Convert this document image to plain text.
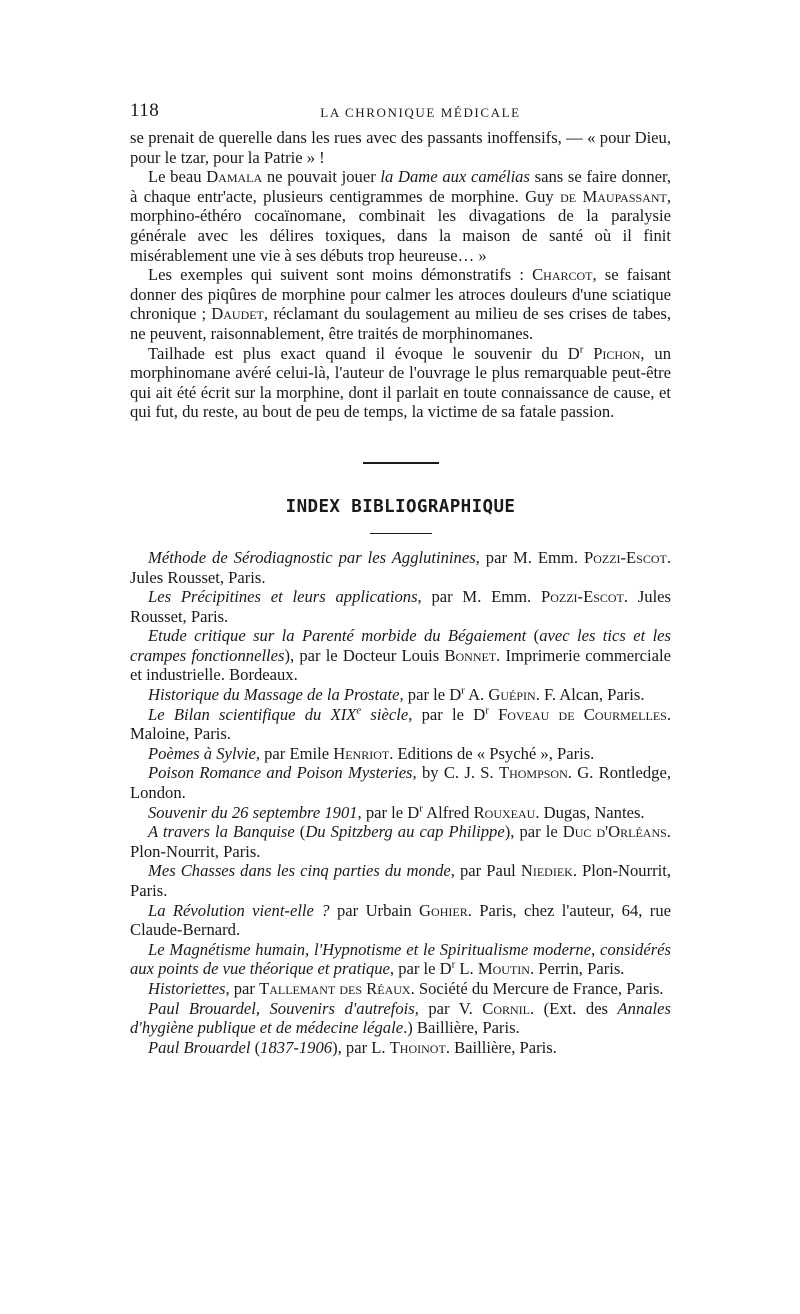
118	LA CHRONIQUE MÉDICALE

se prenait de querelle dans les rues avec des passants inoffensifs, — « pour Dieu, pour le tzar, pour la Patrie » !

Le beau Damala ne pouvait jouer la Dame aux camélias sans se faire donner, à chaque entr'acte, plusieurs centigrammes de morphine. Guy de Maupassant, morphino-éthéro cocaïnomane, combinait les divagations de la paralysie générale avec les délires toxiques, dans la maison de santé où il finit misérablement une vie à ses débuts trop heureuse… »

Les exemples qui suivent sont moins démonstratifs : Charcot, se faisant donner des piqûres de morphine pour calmer les atroces douleurs d'une sciatique chronique ; Daudet, réclamant du soulagement au milieu de ses crises de tabes, ne peuvent, raisonnablement, être traités de morphinomanes.

Tailhade est plus exact quand il évoque le souvenir du $D^r$ Pichon, un morphinomane avéré celui-là, l'auteur de l'ouvrage le plus remarquable peut-être qui ait été écrit sur la morphine, dont il parlait en toute connaissance de cause, et qui fut, du reste, au bout de peu de temps, la victime de sa fatale passion.

INDEX BIBLIOGRAPHIQUE

Méthode de Sérodiagnostic par les Agglutinines, par M. Emm. Pozzi-Escot. Jules Rousset, Paris.

Les Précipitines et leurs applications, par M. Emm. Pozzi-Escot. Jules Rousset, Paris.

Etude critique sur la Parenté morbide du Bégaiement (avec les tics et les crampes fonctionnelles), par le Docteur Louis Bonnet. Imprimerie commerciale et industrielle. Bordeaux.

Historique du Massage de la Prostate, par le $D^r$ A. Guépin. F. Alcan, Paris.

Le Bilan scientifique du XIXe siècle, par le $D^r$ Foveau de Courmelles. Maloine, Paris.

Poèmes à Sylvie, par Emile Henriot. Editions de « Psyché », Paris.

Poison Romance and Poison Mysteries, by C. J. S. Thompson. G. Rontledge, London.

Souvenir du 26 septembre 1901, par le $D^r$ Alfred Rouxeau. Dugas, Nantes.

A travers la Banquise (Du Spitzberg au cap Philippe), par le Duc d'Orléans. Plon-Nourrit, Paris.

Mes Chasses dans les cinq parties du monde, par Paul Niediek. Plon-Nourrit, Paris.

La Révolution vient-elle ? par Urbain Gohier. Paris, chez l'auteur, 64, rue Claude-Bernard.

Le Magnétisme humain, l'Hypnotisme et le Spiritualisme moderne, considérés aux points de vue théorique et pratique, par le $D^r$ L. Moutin. Perrin, Paris.

Historiettes, par Tallemant des Réaux. Société du Mercure de France, Paris.

Paul Brouardel, Souvenirs d'autrefois, par V. Cornil. (Ext. des Annales d'hygiène publique et de médecine légale.) Baillière, Paris.

Paul Brouardel (1837-1906), par L. Thoinot. Baillière, Paris.
